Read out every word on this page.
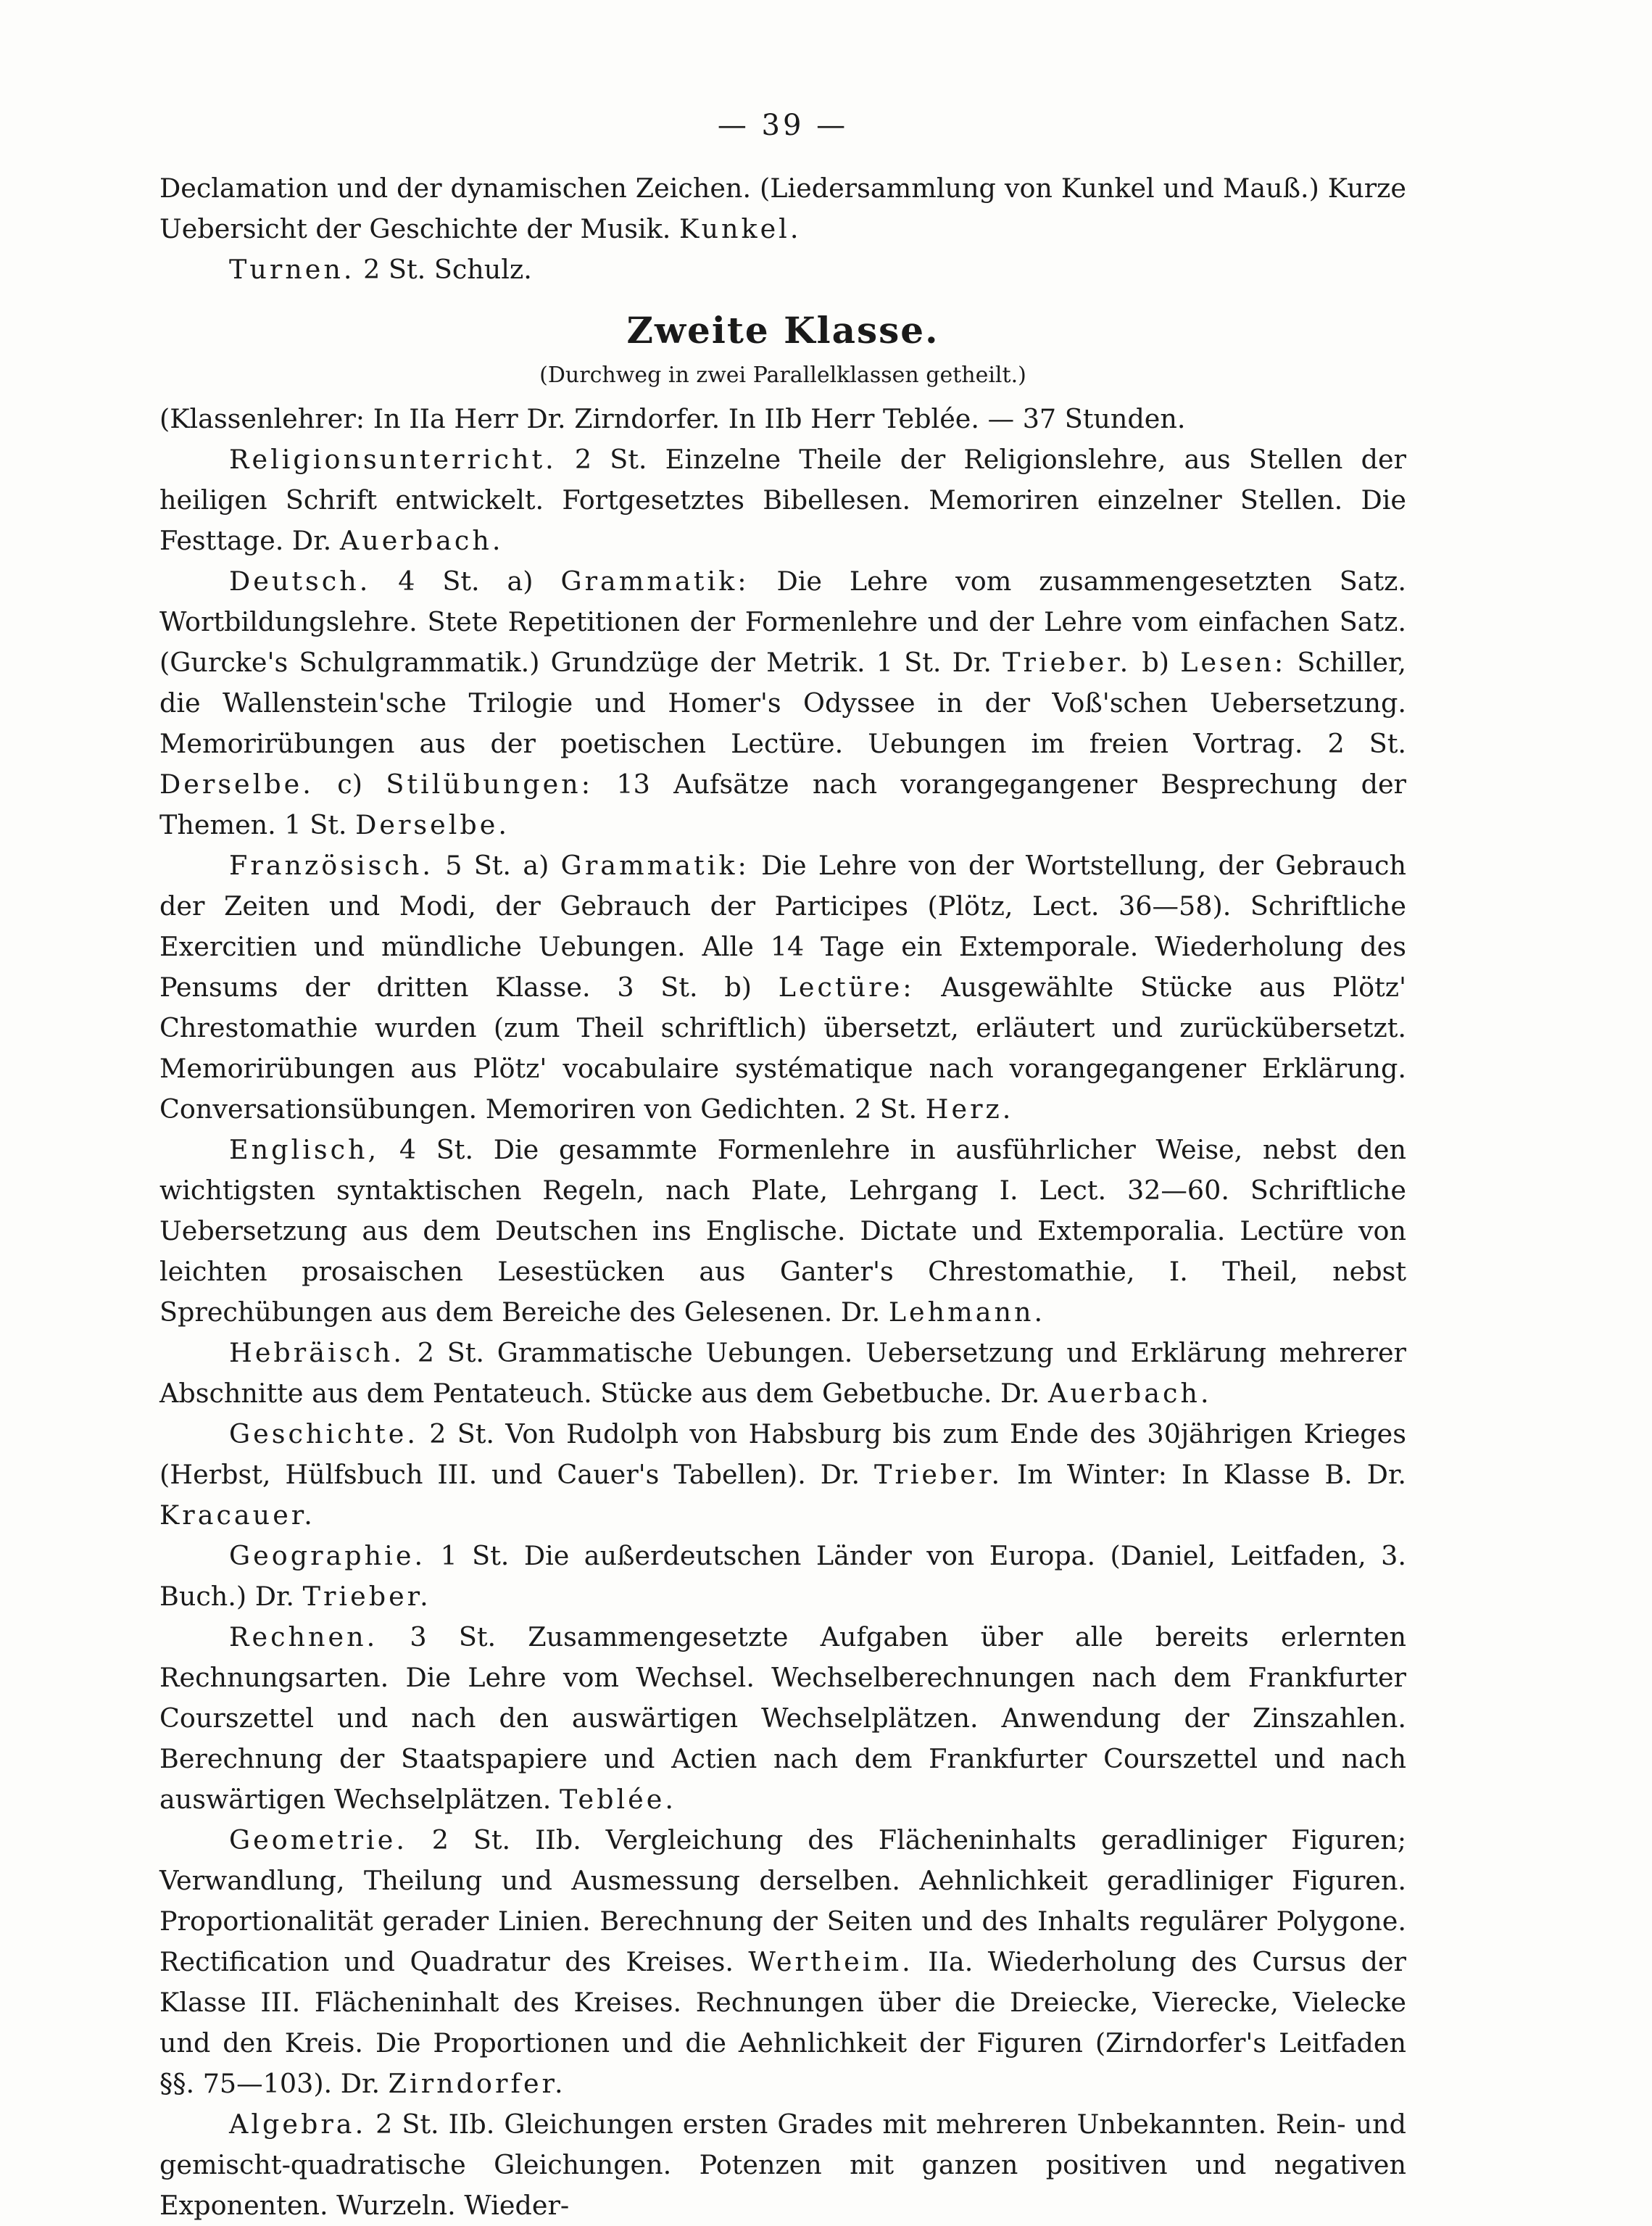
— 39 —

Declamation und der dynamischen Zeichen. (Liedersammlung von Kunkel und Mauß.) Kurze Uebersicht der Geschichte der Musik. Kunkel.

Turnen. 2 St. Schulz.

Zweite Klasse.
(Durchweg in zwei Parallelklassen getheilt.)

(Klassenlehrer: In IIa Herr Dr. Zirndorfer. In IIb Herr Teblée. — 37 Stunden.

Religionsunterricht. 2 St. Einzelne Theile der Religionslehre, aus Stellen der heiligen Schrift entwickelt. Fortgesetztes Bibellesen. Memoriren einzelner Stellen. Die Festtage. Dr. Auerbach.

Deutsch. 4 St. a) Grammatik: Die Lehre vom zusammengesetzten Satz. Wortbildungslehre. Stete Repetitionen der Formenlehre und der Lehre vom einfachen Satz. (Gurcke's Schulgrammatik.) Grundzüge der Metrik. 1 St. Dr. Trieber. b) Lesen: Schiller, die Wallenstein'sche Trilogie und Homer's Odyssee in der Voß'schen Uebersetzung. Memorirübungen aus der poetischen Lectüre. Uebungen im freien Vortrag. 2 St. Derselbe. c) Stilübungen: 13 Aufsätze nach vorangegangener Besprechung der Themen. 1 St. Derselbe.

Französisch. 5 St. a) Grammatik: Die Lehre von der Wortstellung, der Gebrauch der Zeiten und Modi, der Gebrauch der Participes (Plötz, Lect. 36—58). Schriftliche Exercitien und mündliche Uebungen. Alle 14 Tage ein Extemporale. Wiederholung des Pensums der dritten Klasse. 3 St. b) Lectüre: Ausgewählte Stücke aus Plötz' Chrestomathie wurden (zum Theil schriftlich) übersetzt, erläutert und zurückübersetzt. Memorirübungen aus Plötz' vocabulaire systématique nach vorangegangener Erklärung. Conversationsübungen. Memoriren von Gedichten. 2 St. Herz.

Englisch, 4 St. Die gesammte Formenlehre in ausführlicher Weise, nebst den wichtigsten syntaktischen Regeln, nach Plate, Lehrgang I. Lect. 32—60. Schriftliche Uebersetzung aus dem Deutschen ins Englische. Dictate und Extemporalia. Lectüre von leichten prosaischen Lesestücken aus Ganter's Chrestomathie, I. Theil, nebst Sprechübungen aus dem Bereiche des Gelesenen. Dr. Lehmann.

Hebräisch. 2 St. Grammatische Uebungen. Uebersetzung und Erklärung mehrerer Abschnitte aus dem Pentateuch. Stücke aus dem Gebetbuche. Dr. Auerbach.

Geschichte. 2 St. Von Rudolph von Habsburg bis zum Ende des 30jährigen Krieges (Herbst, Hülfsbuch III. und Cauer's Tabellen). Dr. Trieber. Im Winter: In Klasse B. Dr. Kracauer.

Geographie. 1 St. Die außerdeutschen Länder von Europa. (Daniel, Leitfaden, 3. Buch.) Dr. Trieber.

Rechnen. 3 St. Zusammengesetzte Aufgaben über alle bereits erlernten Rechnungsarten. Die Lehre vom Wechsel. Wechselberechnungen nach dem Frankfurter Courszettel und nach den auswärtigen Wechselplätzen. Anwendung der Zinszahlen. Berechnung der Staatspapiere und Actien nach dem Frankfurter Courszettel und nach auswärtigen Wechselplätzen. Teblée.

Geometrie. 2 St. IIb. Vergleichung des Flächeninhalts geradliniger Figuren; Verwandlung, Theilung und Ausmessung derselben. Aehnlichkeit geradliniger Figuren. Proportionalität gerader Linien. Berechnung der Seiten und des Inhalts regulärer Polygone. Rectification und Quadratur des Kreises. Wertheim. IIa. Wiederholung des Cursus der Klasse III. Flächeninhalt des Kreises. Rechnungen über die Dreiecke, Vierecke, Vielecke und den Kreis. Die Proportionen und die Aehnlichkeit der Figuren (Zirndorfer's Leitfaden §§. 75—103). Dr. Zirndorfer.

Algebra. 2 St. IIb. Gleichungen ersten Grades mit mehreren Unbekannten. Rein- und gemischt-quadratische Gleichungen. Potenzen mit ganzen positiven und negativen Exponenten. Wurzeln. Wieder-
